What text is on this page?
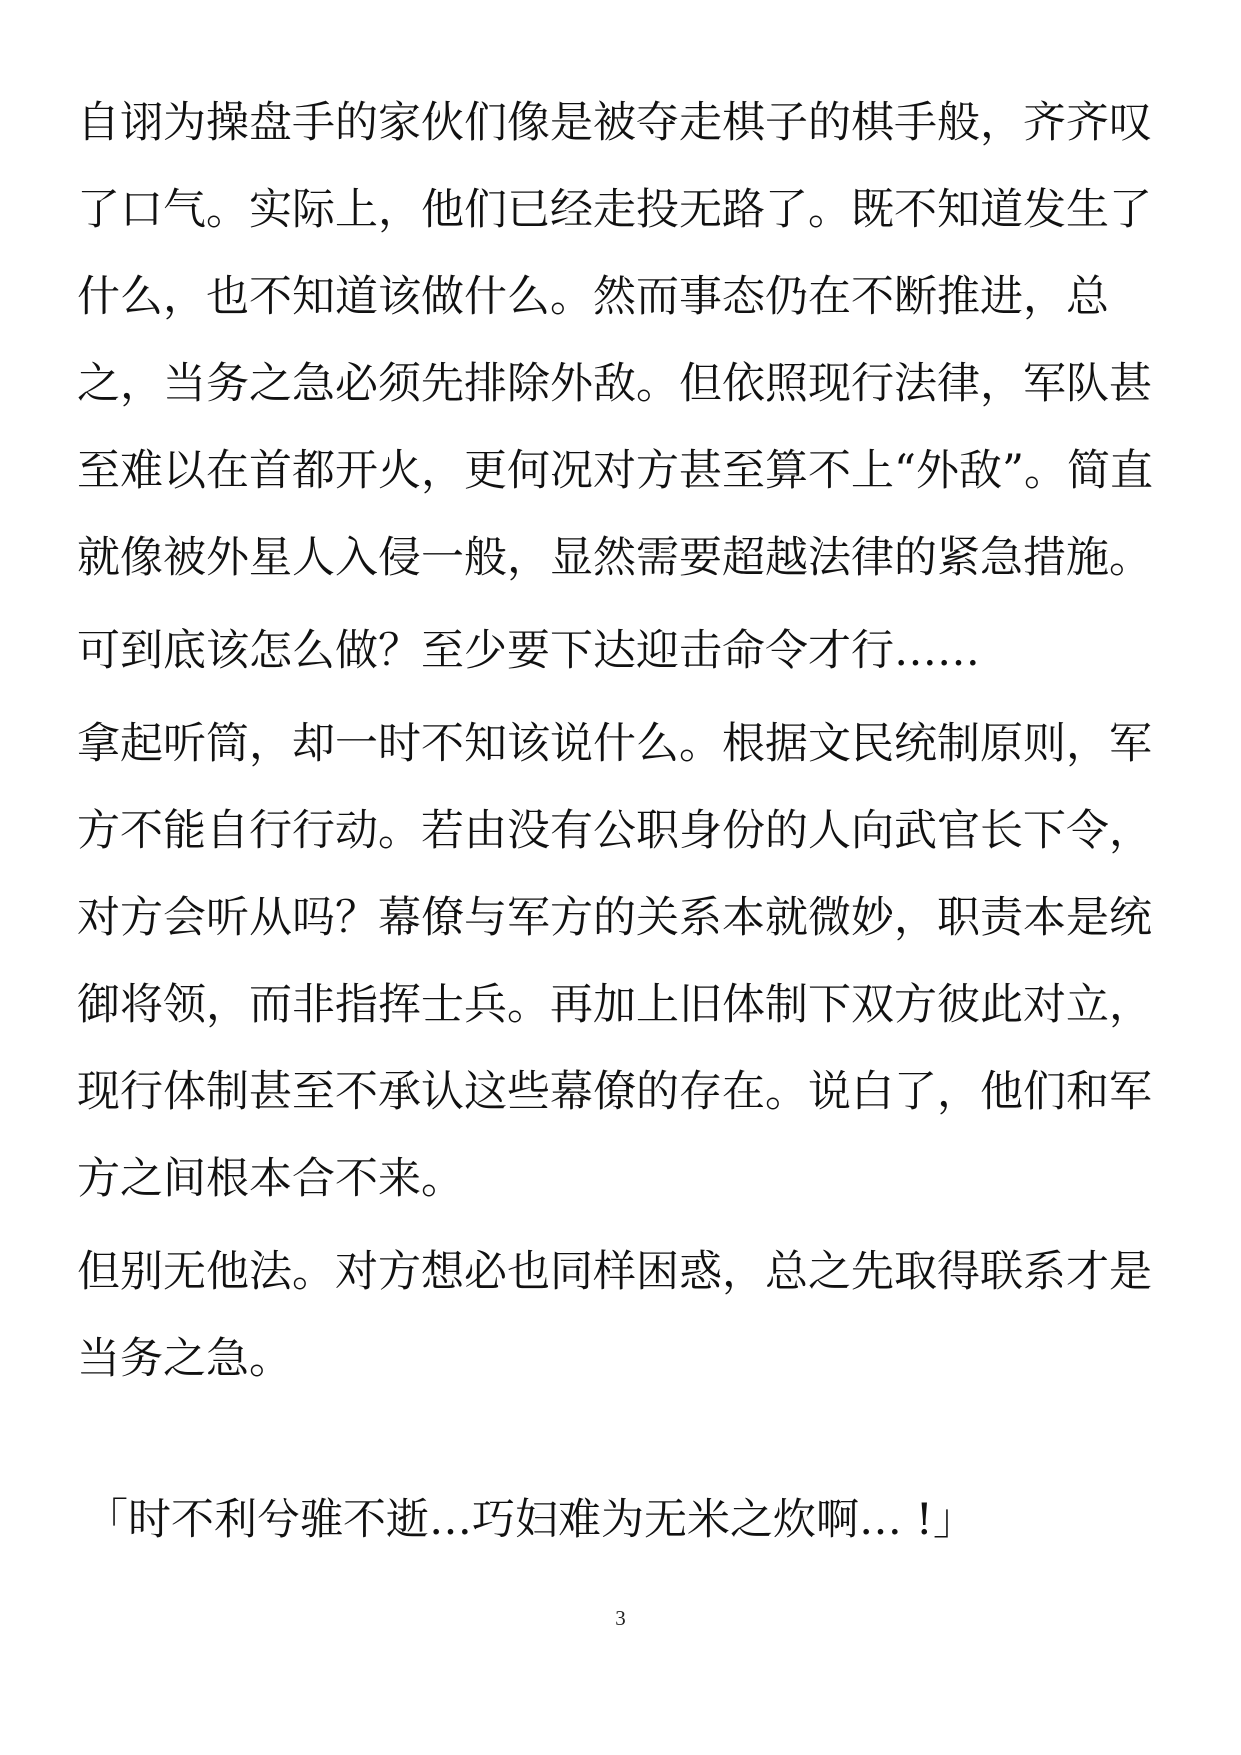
自诩为操盘手的家伙们像是被夺走棋子的棋手般，齐齐叹了口气。实际上，他们已经走投无路了。既不知道发生了什么，也不知道该做什么。然而事态仍在不断推进，总之，当务之急必须先排除外敌。但依照现行法律，军队甚至难以在首都开火，更何况对方甚至算不上“外敌”。简直就像被外星人入侵一般，显然需要超越法律的紧急措施。

可到底该怎么做？至少要下达迎击命令才行……

拿起听筒，却一时不知该说什么。根据文民统制原则，军方不能自行行动。若由没有公职身份的人向武官长下令，对方会听从吗？幕僚与军方的关系本就微妙，职责本是统御将领，而非指挥士兵。再加上旧体制下双方彼此对立，现行体制甚至不承认这些幕僚的存在。说白了，他们和军方之间根本合不来。

但别无他法。对方想必也同样困惑，总之先取得联系才是当务之急。

「时不利兮骓不逝…巧妇难为无米之炊啊… !」

3
